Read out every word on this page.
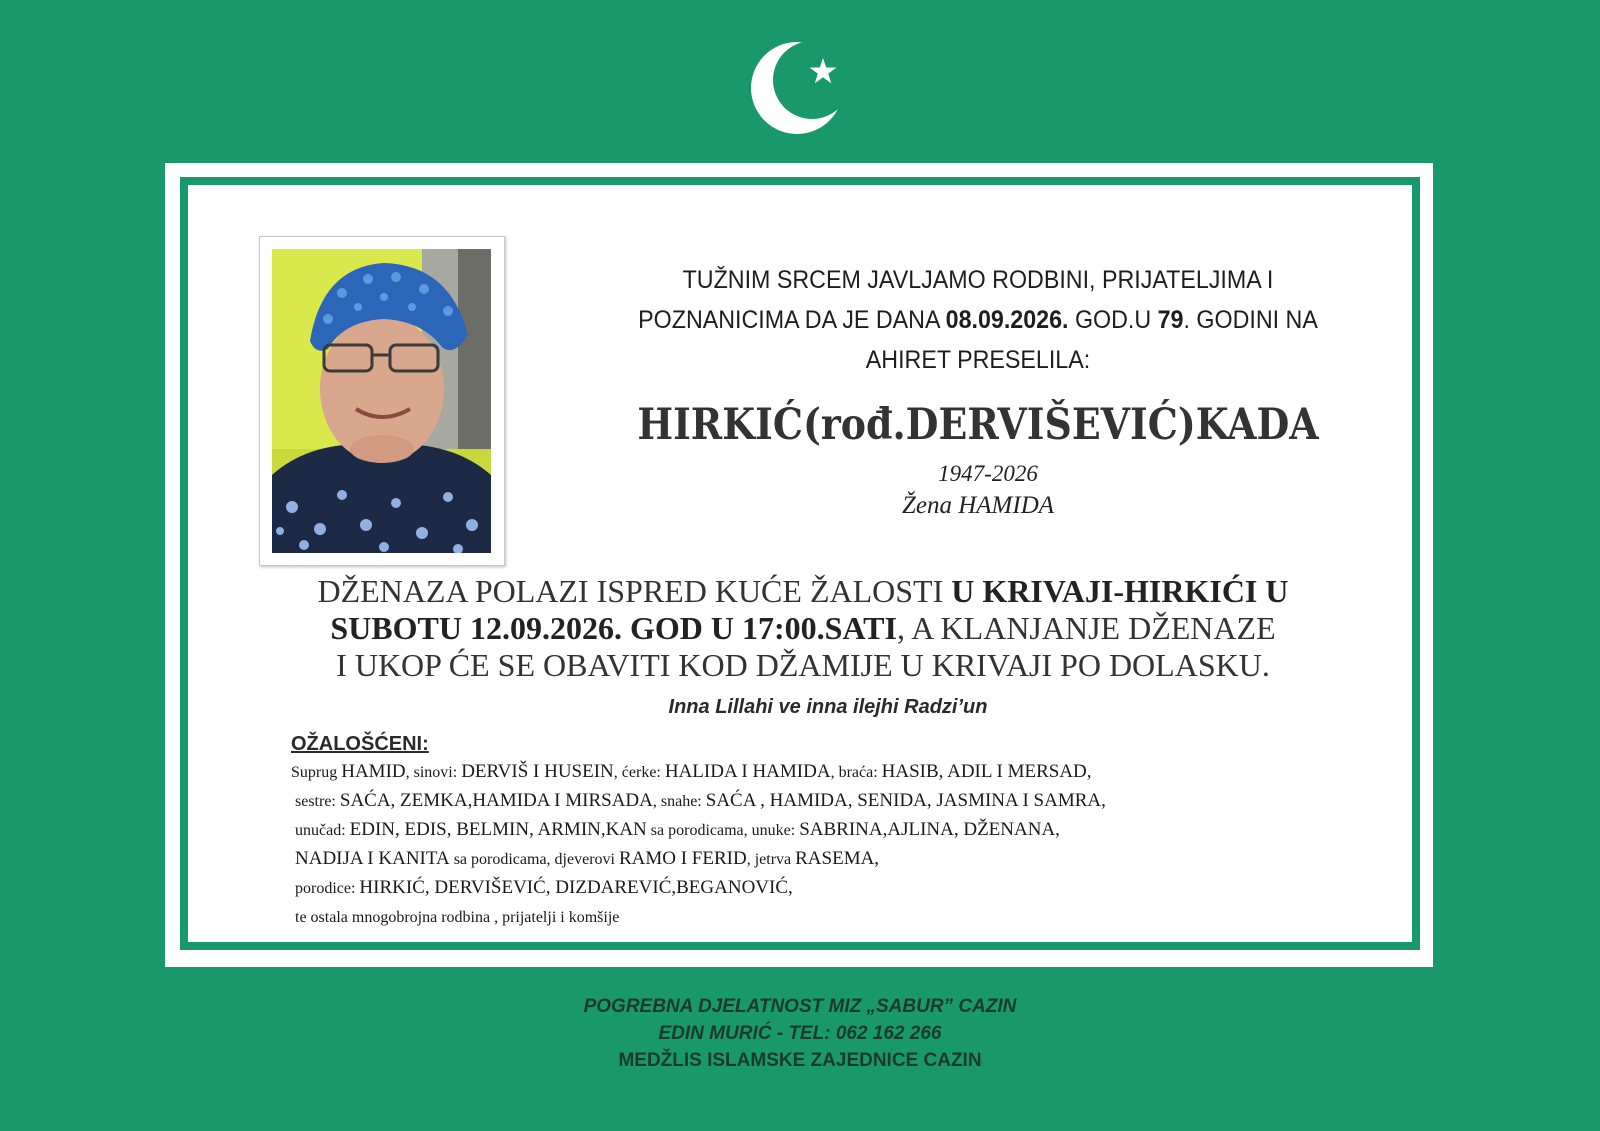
TUŽNIM SRCEM JAVLJAMO RODBINI, PRIJATELJIMA I
POZNANICIMA DA JE DANA 08.09.2026. GOD.U 79. GODINI NA
AHIRET PRESELILA:
HIRKIĆ(rođ.DERVIŠEVIĆ)KADA
1947-2026
Žena HAMIDA
DŽENAZA POLAZI ISPRED KUĆE ŽALOSTI U KRIVAJI-HIRKIĆI U
SUBOTU 12.09.2026. GOD U 17:00.SATI, A KLANJANJE DŽENAZE
I UKOP ĆE SE OBAVITI KOD DŽAMIJE U KRIVAJI PO DOLASKU.
Inna Lillahi ve inna ilejhi Radzi’un
OŽALOŠĆENI:
Suprug HAMID, sinovi: DERVIŠ I HUSEIN, ćerke: HALIDA I HAMIDA, braća: HASIB, ADIL I MERSAD,
sestre: SAĆA, ZEMKA,HAMIDA I MIRSADA, snahe: SAĆA , HAMIDA, SENIDA, JASMINA I SAMRA,
unučad: EDIN, EDIS, BELMIN, ARMIN,KAN sa porodicama, unuke: SABRINA,AJLINA, DŽENANA,
NADIJA I KANITA sa porodicama, djeverovi RAMO I FERID, jetrva RASEMA,
porodice: HIRKIĆ, DERVIŠEVIĆ, DIZDAREVIĆ,BEGANOVIĆ,
te ostala mnogobrojna rodbina , prijatelji i komšije
POGREBNA DJELATNOST MIZ „SABUR” CAZIN
EDIN MURIĆ - TEL: 062 162 266
MEDŽLIS ISLAMSKE ZAJEDNICE CAZIN
